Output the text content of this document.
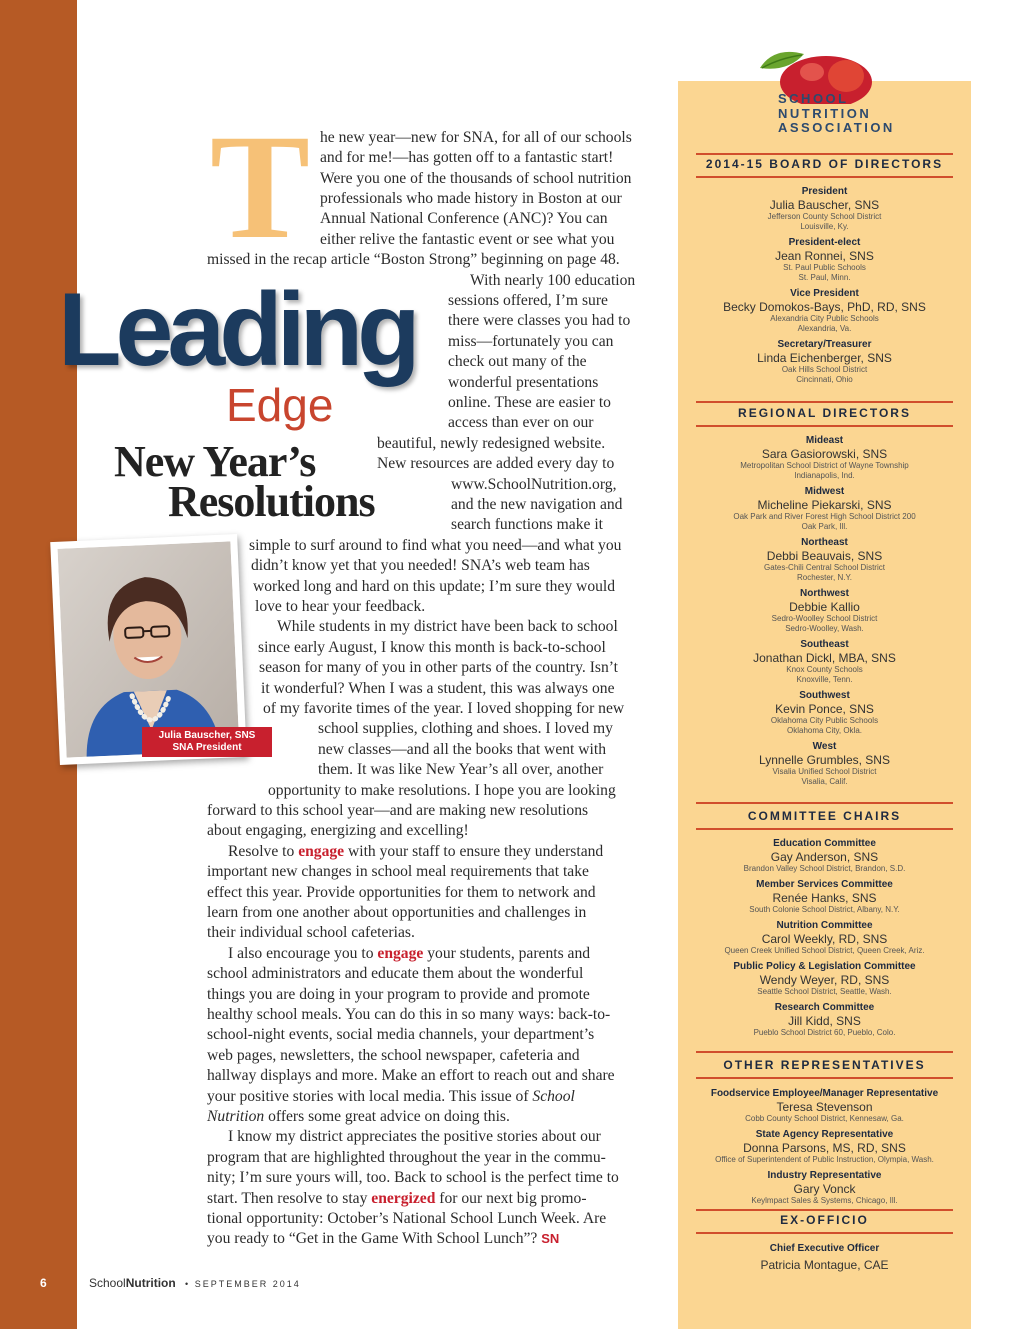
6
Leading
Edge
New Year’s
Resolutions
Julia Bauscher, SNS
SNA President
T he new year—new for SNA, for all of our schools
and for me!—has gotten off to a fantastic start!
Were you one of the thousands of school nutrition
professionals who made history in Boston at our
Annual National Conference (ANC)? You can
either relive the fantastic event or see what you
missed in the recap article “Boston Strong” beginning on page 48.
With nearly 100 education
sessions offered, I’m sure
there were classes you had to
miss—fortunately you can
check out many of the
wonderful presentations
online. These are easier to
access than ever on our
beautiful, newly redesigned website.
New resources are added every day to
www.SchoolNutrition.org,
and the new navigation and
search functions make it
simple to surf around to find what you need—and what you
didn’t know yet that you needed! SNA’s web team has
worked long and hard on this update; I’m sure they would
love to hear your feedback.
While students in my district have been back to school
since early August, I know this month is back-to-school
season for many of you in other parts of the country. Isn’t
it wonderful? When I was a student, this was always one
of my favorite times of the year. I loved shopping for new
school supplies, clothing and shoes. I loved my
new classes—and all the books that went with
them. It was like New Year’s all over, another
opportunity to make resolutions. I hope you are looking
forward to this school year—and are making new resolutions
about engaging, energizing and excelling!
Resolve to engage with your staff to ensure they understand
important new changes in school meal requirements that take
effect this year. Provide opportunities for them to network and
learn from one another about opportunities and challenges in
their individual school cafeterias.
I also encourage you to engage your students, parents and
school administrators and educate them about the wonderful
things you are doing in your program to provide and promote
healthy school meals. You can do this in so many ways: back-to-
school-night events, social media channels, your department’s
web pages, newsletters, the school newspaper, cafeteria and
hallway displays and more. Make an effort to reach out and share
your positive stories with local media. This issue of School
Nutrition offers some great advice on doing this.
I know my district appreciates the positive stories about our
program that are highlighted throughout the year in the commu-
nity; I’m sure yours will, too. Back to school is the perfect time to
start. Then resolve to stay energized for our next big promo-
tional opportunity: October’s National School Lunch Week. Are
you ready to “Get in the Game With School Lunch”? SN
SchoolNutrition • SEPTEMBER 2014
SCHOOL
NUTRITION
ASSOCIATION
2014-15 BOARD OF DIRECTORS
President
Julia Bauscher, SNS
Jefferson County School District
Louisville, Ky.
President-elect
Jean Ronnei, SNS
St. Paul Public Schools
St. Paul, Minn.
Vice President
Becky Domokos-Bays, PhD, RD, SNS
Alexandria City Public Schools
Alexandria, Va.
Secretary/Treasurer
Linda Eichenberger, SNS
Oak Hills School District
Cincinnati, Ohio
REGIONAL DIRECTORS
Mideast
Sara Gasiorowski, SNS
Metropolitan School District of Wayne Township
Indianapolis, Ind.
Midwest
Micheline Piekarski, SNS
Oak Park and River Forest High School District 200
Oak Park, Ill.
Northeast
Debbi Beauvais, SNS
Gates-Chili Central School District
Rochester, N.Y.
Northwest
Debbie Kallio
Sedro-Woolley School District
Sedro-Woolley, Wash.
Southeast
Jonathan Dickl, MBA, SNS
Knox County Schools
Knoxville, Tenn.
Southwest
Kevin Ponce, SNS
Oklahoma City Public Schools
Oklahoma City, Okla.
West
Lynnelle Grumbles, SNS
Visalia Unified School District
Visalia, Calif.
COMMITTEE CHAIRS
Education Committee
Gay Anderson, SNS
Brandon Valley School District, Brandon, S.D.
Member Services Committee
Renée Hanks, SNS
South Colonie School District, Albany, N.Y.
Nutrition Committee
Carol Weekly, RD, SNS
Queen Creek Unified School District, Queen Creek, Ariz.
Public Policy & Legislation Committee
Wendy Weyer, RD, SNS
Seattle School District, Seattle, Wash.
Research Committee
Jill Kidd, SNS
Pueblo School District 60, Pueblo, Colo.
OTHER REPRESENTATIVES
Foodservice Employee/Manager Representative
Teresa Stevenson
Cobb County School District, Kennesaw, Ga.
State Agency Representative
Donna Parsons, MS, RD, SNS
Office of Superintendent of Public Instruction, Olympia, Wash.
Industry Representative
Gary Vonck
Keylmpact Sales & Systems, Chicago, Ill.
EX-OFFICIO
Chief Executive Officer
Patricia Montague, CAE
